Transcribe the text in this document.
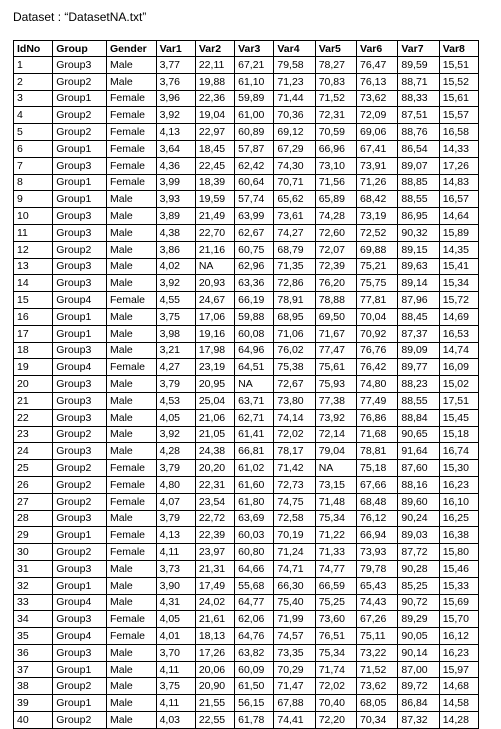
Dataset : “DatasetNA.txt”
IdNo	Group	Gender	Var1	Var2	Var3	Var4	Var5	Var6	Var7	Var8
1	Group3	Male	3,77	22,11	67,21	79,58	78,27	76,47	89,59	15,51
2	Group2	Male	3,76	19,88	61,10	71,23	70,83	76,13	88,71	15,52
3	Group1	Female	3,96	22,36	59,89	71,44	71,52	73,62	88,33	15,61
4	Group2	Female	3,92	19,04	61,00	70,36	72,31	72,09	87,51	15,57
5	Group2	Female	4,13	22,97	60,89	69,12	70,59	69,06	88,76	16,58
6	Group1	Female	3,64	18,45	57,87	67,29	66,96	67,41	86,54	14,33
7	Group3	Female	4,36	22,45	62,42	74,30	73,10	73,91	89,07	17,26
8	Group1	Female	3,99	18,39	60,64	70,71	71,56	71,26	88,85	14,83
9	Group1	Male	3,93	19,59	57,74	65,62	65,89	68,42	88,55	16,57
10	Group3	Male	3,89	21,49	63,99	73,61	74,28	73,19	86,95	14,64
11	Group3	Male	4,38	22,70	62,67	74,27	72,60	72,52	90,32	15,89
12	Group2	Male	3,86	21,16	60,75	68,79	72,07	69,88	89,15	14,35
13	Group3	Male	4,02	NA	62,96	71,35	72,39	75,21	89,63	15,41
14	Group3	Male	3,92	20,93	63,36	72,86	76,20	75,75	89,14	15,34
15	Group4	Female	4,55	24,67	66,19	78,91	78,88	77,81	87,96	15,72
16	Group1	Male	3,75	17,06	59,88	68,95	69,50	70,04	88,45	14,69
17	Group1	Male	3,98	19,16	60,08	71,06	71,67	70,92	87,37	16,53
18	Group3	Male	3,21	17,98	64,96	76,02	77,47	76,76	89,09	14,74
19	Group4	Female	4,27	23,19	64,51	75,38	75,61	76,42	89,77	16,09
20	Group3	Male	3,79	20,95	NA	72,67	75,93	74,80	88,23	15,02
21	Group3	Male	4,53	25,04	63,71	73,80	77,38	77,49	88,55	17,51
22	Group3	Male	4,05	21,06	62,71	74,14	73,92	76,86	88,84	15,45
23	Group2	Male	3,92	21,05	61,41	72,02	72,14	71,68	90,65	15,18
24	Group3	Male	4,28	24,38	66,81	78,17	79,04	78,81	91,64	16,74
25	Group2	Female	3,79	20,20	61,02	71,42	NA	75,18	87,60	15,30
26	Group2	Female	4,80	22,31	61,60	72,73	73,15	67,66	88,16	16,23
27	Group2	Female	4,07	23,54	61,80	74,75	71,48	68,48	89,60	16,10
28	Group3	Male	3,79	22,72	63,69	72,58	75,34	76,12	90,24	16,25
29	Group1	Female	4,13	22,39	60,03	70,19	71,22	66,94	89,03	16,38
30	Group2	Female	4,11	23,97	60,80	71,24	71,33	73,93	87,72	15,80
31	Group3	Male	3,73	21,31	64,66	74,71	74,77	79,78	90,28	15,46
32	Group1	Male	3,90	17,49	55,68	66,30	66,59	65,43	85,25	15,33
33	Group4	Male	4,31	24,02	64,77	75,40	75,25	74,43	90,72	15,69
34	Group3	Female	4,05	21,61	62,06	71,99	73,60	67,26	89,29	15,70
35	Group4	Female	4,01	18,13	64,76	74,57	76,51	75,11	90,05	16,12
36	Group3	Male	3,70	17,26	63,82	73,35	75,34	73,22	90,14	16,23
37	Group1	Male	4,11	20,06	60,09	70,29	71,74	71,52	87,00	15,97
38	Group2	Male	3,75	20,90	61,50	71,47	72,02	73,62	89,72	14,68
39	Group1	Male	4,11	21,55	56,15	67,88	70,40	68,05	86,84	14,58
40	Group2	Male	4,03	22,55	61,78	74,41	72,20	70,34	87,32	14,28
